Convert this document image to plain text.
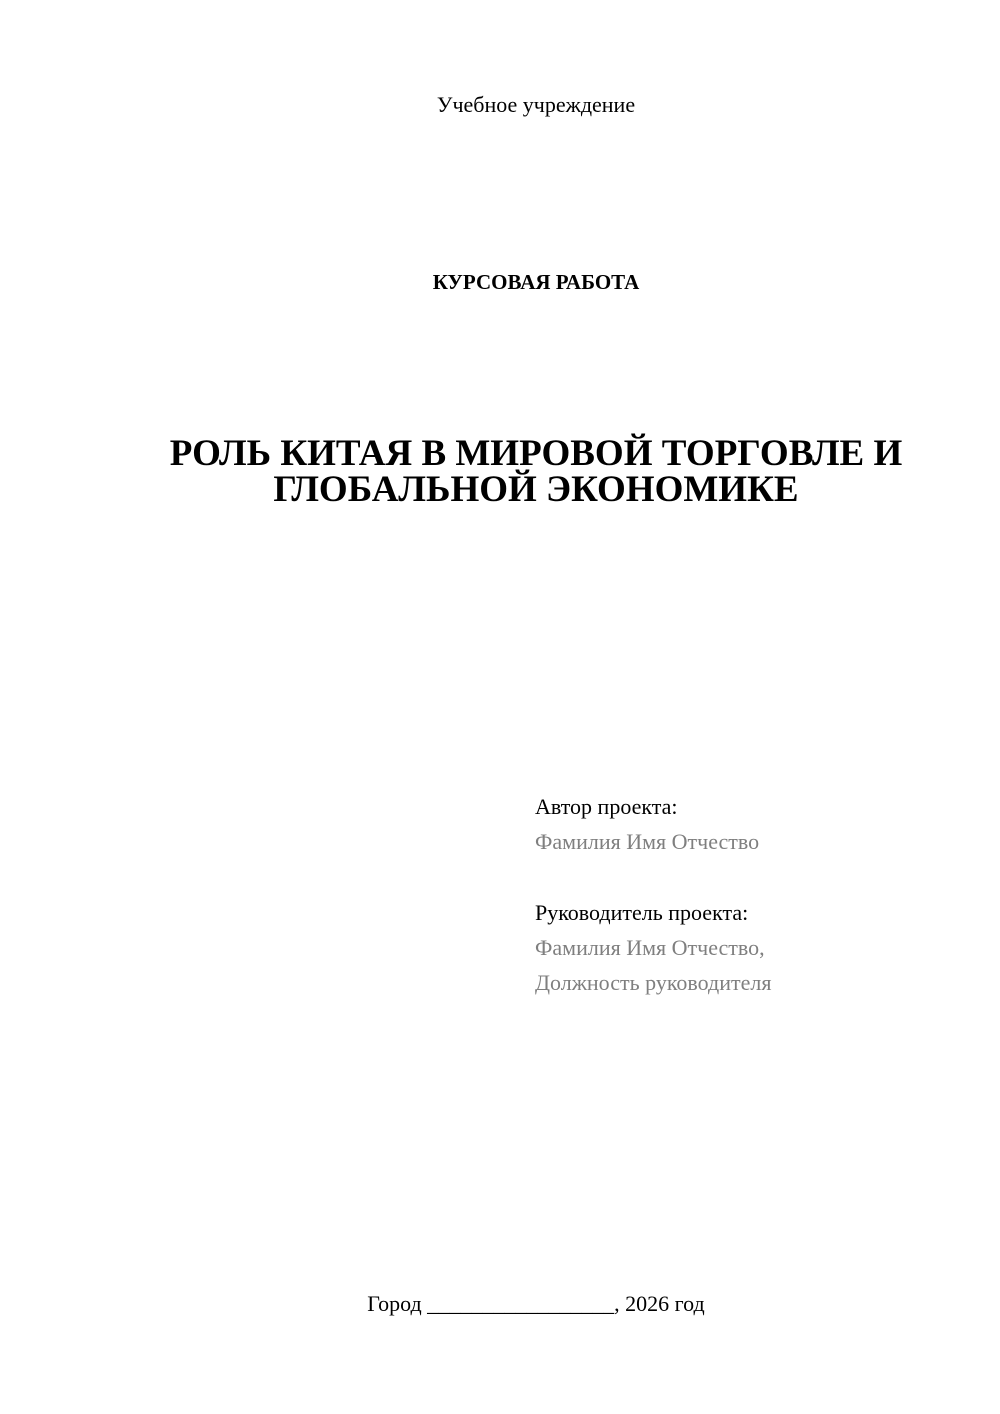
Учебное учреждение
КУРСОВАЯ РАБОТА
РОЛЬ КИТАЯ В МИРОВОЙ ТОРГОВЛЕ И
ГЛОБАЛЬНОЙ ЭКОНОМИКЕ
Автор проекта:
Фамилия Имя Отчество
Руководитель проекта:
Фамилия Имя Отчество,
Должность руководителя
Город _________________, 2026 год
